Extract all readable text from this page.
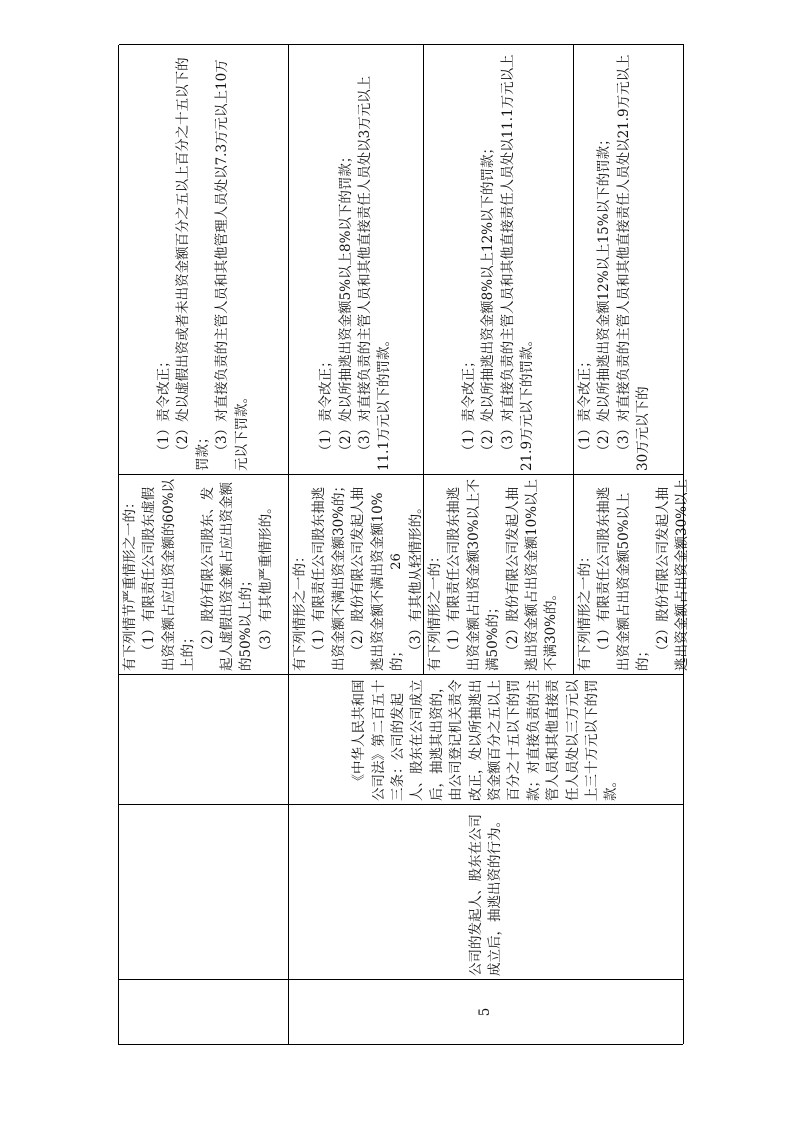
有下列情节严重情形之一的： （1）有限责任公司股东虚假出资金额占应出资金额的60%以上的； （2）股份有限公司股东、发起人虚假出资金额占应出资金额的50%以上的； （3）有其他严重情形的。

（1）责令改正； （2）处以虚假出资或者未出资金额百分之五以上百分之十五以下的罚款； （3）对直接负责的主管人员和其他管理人员处以7.3万元以上10万元以下罚款。

5

公司的发起人、股东在公司成立后，抽逃出资的行为。

《中华人民共和国公司法》第二百五十三条：公司的发起人、股东在公司成立后，抽逃其出资的，由公司登记机关责令改正，处以所抽逃出资金额百分之五以上百分之十五以下的罚款；对直接负责的主管人员和其他直接责任人员处以三万元以上三十万元以下的罚款。

有下列情形之一的： （1）有限责任公司股东抽逃出资金额不满出资金额30%的； （2）股份有限公司发起人抽逃出资金额不满出资金额10%的； （3）有其他从轻情形的。

（1）责令改正； （2）处以所抽逃出资金额5%以上8%以下的罚款； （3）对直接负责的主管人员和其他直接责任人员处以3万元以上11.1万元以下的罚款。

有下列情形之一的： （1）有限责任公司股东抽逃出资金额占出资金额30%以上不满50%的； （2）股份有限公司发起人抽逃出资金额占出资金额10%以上不满30%的。

（1）责令改正； （2）处以所抽逃出资金额8%以上12%以下的罚款； （3）对直接负责的主管人员和其他直接责任人员处以11.1万元以上21.9万元以下的罚款。

有下列情形之一的： （1）有限责任公司股东抽逃出资金额占出资金额50%以上的； （2）股份有限公司发起人抽逃出资金额占出资金额30%以上

（1）责令改正； （2）处以所抽逃出资金额12%以上15%以下的罚款； （3）对直接负责的主管人员和其他直接责任人员处以21.9万元以上30万元以下的

26
